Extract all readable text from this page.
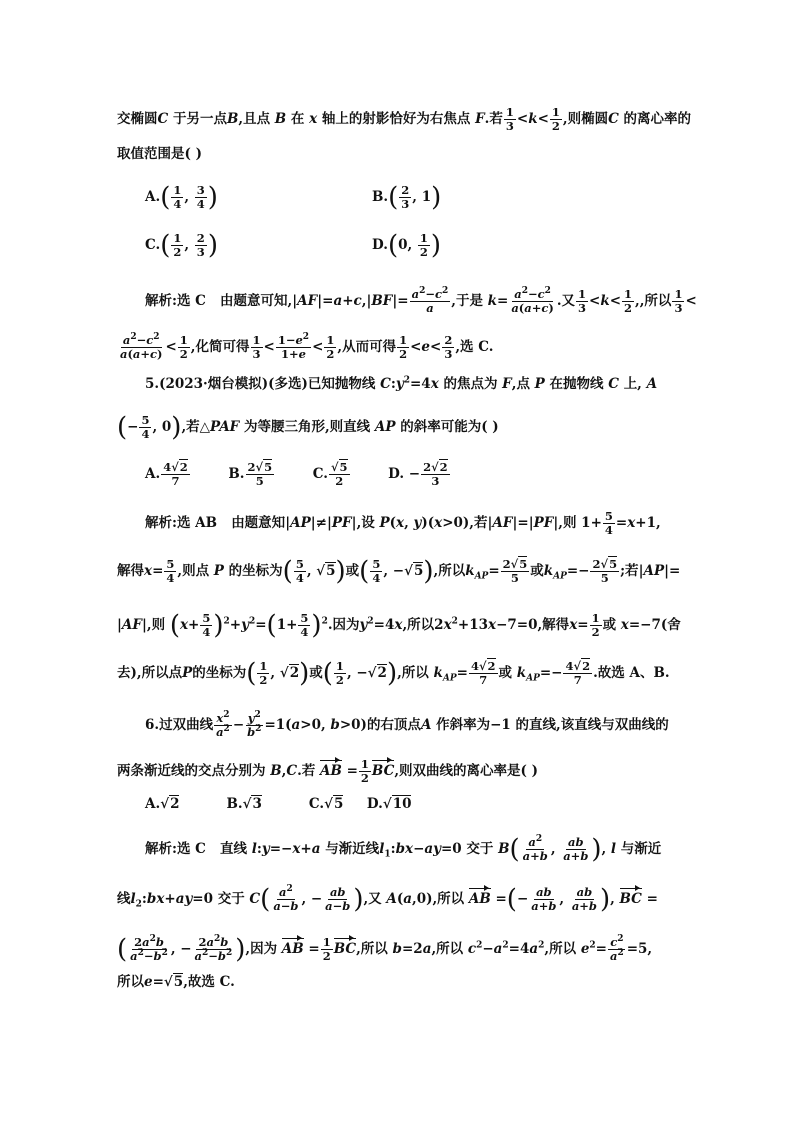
交椭圆C 于另一点B,且点 B 在 x 轴上的射影恰好为右焦点 F.若 $\frac{1}{3} <k< \frac{1}{2}$ ,则椭圆C 的离心率的
取值范围是( )
$A.( \frac{1}{4}$ , $\frac{3}{4}$ )	$B.( \frac{2}{3}$ , 1)
$C.( \frac{1}{2}$ , $\frac{2}{3}$ )	D.(0, $\frac{1}{2}$ )
解析:选 C 由题意可知$,|AF|=a+c,|BF|= \frac{a^2-c^2}{a}$ ,于是 $k= \frac{a^2-c^2}{a(a+c)}$ .又 $\frac{1}{3} <k< \frac{1}{2}$ ,,所以 $\frac{1}{3}$ <
$\frac{a^2-c^2}{a(a+c)} < \frac{1}{2}$ ,化简可得 $\frac{1}{3} < \frac{1-e^2}{1+e} < \frac{1}{2}$ ,从而可得 $\frac{1}{2} <e< \frac{2}{3}$ ,选 C.
5.(2023·烟台模拟)(多选)已知抛物线 $C:y^2=4x$ 的焦点为 F,点 P 在抛物线 C 上, A
(− $\frac{5}{4}$ , 0),若△PAF 为等腰三角形,则直线 AP 的斜率可能为( )
A. $\frac{4√2}{7}$	B. $\frac{2√5}{5}$	C. $\frac{√5}{2}$	D. − $\frac{2√2}{3}$
解析:选 AB 由题意知|AP|≠|PF|,设 P(x, y)(x>0),若|AF|=|PF|,则 $1+ \frac{5}{4} =x+1$,
解得$x= \frac{5}{4}$ ,则点 P 的坐标为( $\frac{5}{4}$ , √5)或( $\frac{5}{4}$ , −√5),所以$k_{AP}= \frac{2√5}{5}$ 或$k_{AP}=- \frac{2√5}{5}$ ;若|AP|=
|AF|,则 $(x+ \frac{5}{4} )^2+y^2=(1+ \frac{5}{4} )^2$.因为$y^2=4x$,所以$2x^2+13x-7=0$,解得$x= \frac{1}{2}$ 或 x=−7(舍
去),所以点P的坐标为( $\frac{1}{2}$ , √2)或( $\frac{1}{2}$ , −√2),所以 $k_{AP}= \frac{4√2}{7}$ 或 $k_{AP}=- \frac{4√2}{7}$ .故选 A、B.
6.过双曲线 $\frac{x^2}{a^2} - \frac{y^2}{b^2} =1(a>0$, b>0)的右顶点A 作斜率为−1 的直线,该直线与双曲线的
两条渐近线的交点分别为 B,C.若 AB = $\frac{1}{2}$ BC,则双曲线的离心率是( )
A.√2	B.√3	C.√5 D.√10
解析:选 C 直线 l:y=−x+a 与渐近线$l_1:bx-ay=0$ 交于 $B( \frac{a^2}{a+b}$ , $\frac{ab}{a+b}$ ), l 与渐近
线$l_2:bx+ay=0$ 交于 $C( \frac{a^2}{a-b}$ , − $\frac{ab}{a-b}$ ),又 A(a,0),所以 AB =(− $\frac{ab}{a+b}$ , $\frac{ab}{a+b}$ ), BC =
( $\frac{2a^2b}{a^2-b^2}$ , − $\frac{2a^2b}{a^2-b^2}$ ),因为 AB = $\frac{1}{2}$ BC,所以 b=2a,所以 $c^2-a^2=4a^2$,所以 $e^2= \frac{c^2}{a^2} =5$,
所以e=√5,故选 C.
